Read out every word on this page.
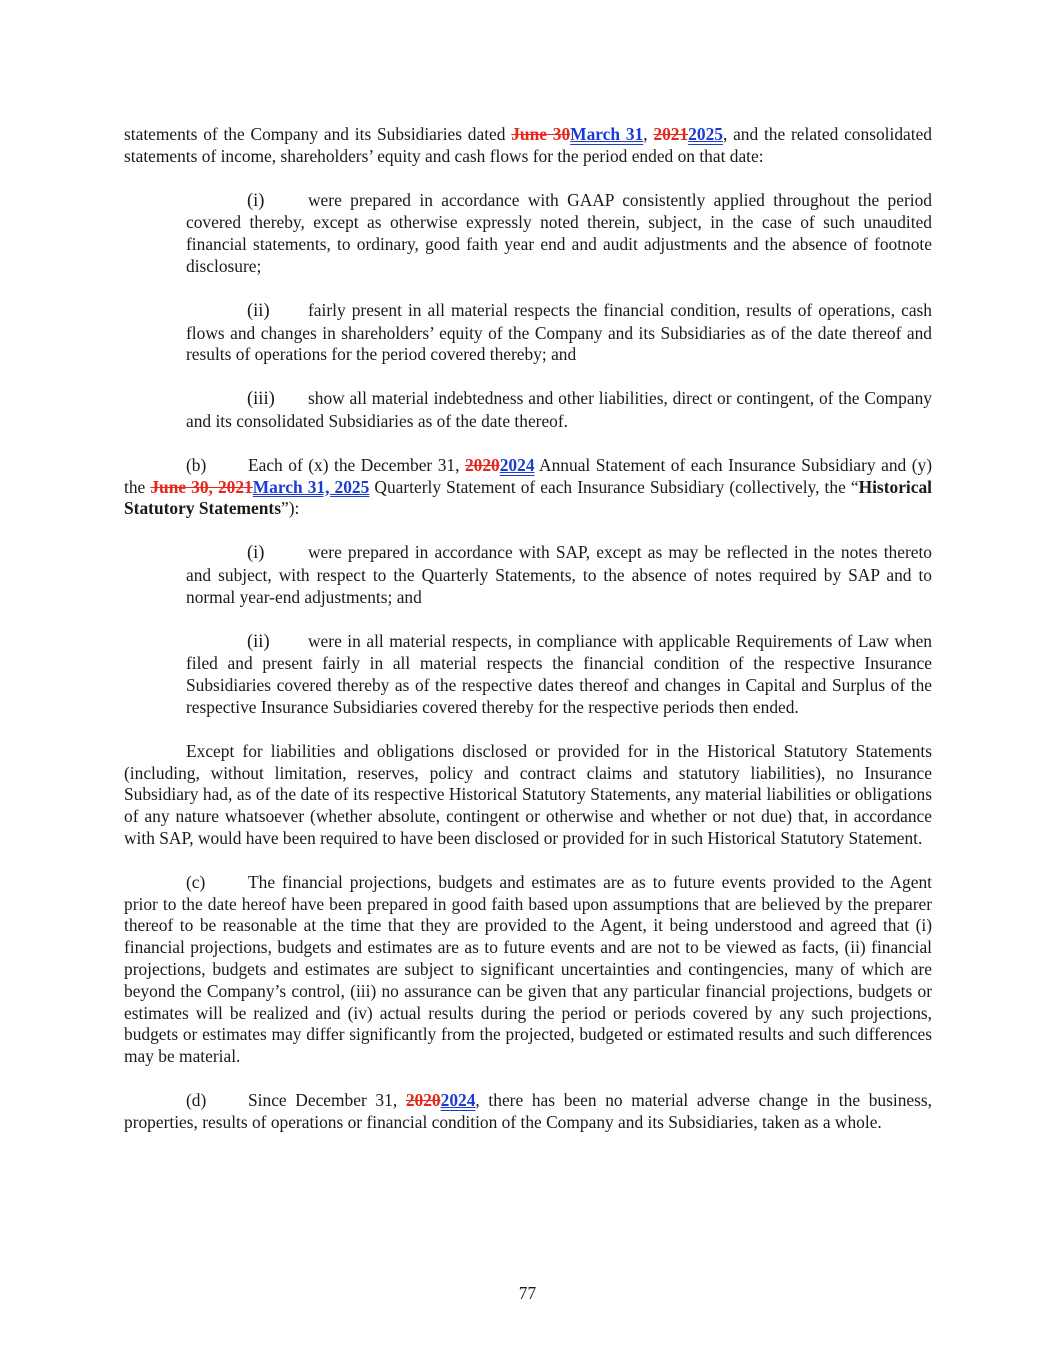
statements of the Company and its Subsidiaries dated June 30March 31, 20212025, and the related consolidated statements of income, shareholders’ equity and cash flows for the period ended on that date:

(i)	were prepared in accordance with GAAP consistently applied throughout the period covered thereby, except as otherwise expressly noted therein, subject, in the case of such unaudited financial statements, to ordinary, good faith year end and audit adjustments and the absence of footnote disclosure;

(ii) fairly present in all material respects the financial condition, results of operations, cash flows and changes in shareholders’ equity of the Company and its Subsidiaries as of the date thereof and results of operations for the period covered thereby; and

(iii) show all material indebtedness and other liabilities, direct or contingent, of the Company and its consolidated Subsidiaries as of the date thereof.

(b) Each of (x) the December 31, 20202024 Annual Statement of each Insurance Subsidiary and (y) the June 30, 2021March 31, 2025 Quarterly Statement of each Insurance Subsidiary (collectively, the “Historical Statutory Statements”):

(i)	were prepared in accordance with SAP, except as may be reflected in the notes thereto and subject, with respect to the Quarterly Statements, to the absence of notes required by SAP and to normal year-end adjustments; and

(ii) were in all material respects, in compliance with applicable Requirements of Law when filed and present fairly in all material respects the financial condition of the respective Insurance Subsidiaries covered thereby as of the respective dates thereof and changes in Capital and Surplus of the respective Insurance Subsidiaries covered thereby for the respective periods then ended.

Except for liabilities and obligations disclosed or provided for in the Historical Statutory Statements (including, without limitation, reserves, policy and contract claims and statutory liabilities), no Insurance Subsidiary had, as of the date of its respective Historical Statutory Statements, any material liabilities or obligations of any nature whatsoever (whether absolute, contingent or otherwise and whether or not due) that, in accordance with SAP, would have been required to have been disclosed or provided for in such Historical Statutory Statement.

(c) The financial projections, budgets and estimates are as to future events provided to the Agent prior to the date hereof have been prepared in good faith based upon assumptions that are believed by the preparer thereof to be reasonable at the time that they are provided to the Agent, it being understood and agreed that (i) financial projections, budgets and estimates are as to future events and are not to be viewed as facts, (ii) financial projections, budgets and estimates are subject to significant uncertainties and contingencies, many of which are beyond the Company’s control, (iii) no assurance can be given that any particular financial projections, budgets or estimates will be realized and (iv) actual results during the period or periods covered by any such projections, budgets or estimates may differ significantly from the projected, budgeted or estimated results and such differences may be material.

(d) Since December 31, 20202024, there has been no material adverse change in the business, properties, results of operations or financial condition of the Company and its Subsidiaries, taken as a whole.

77
